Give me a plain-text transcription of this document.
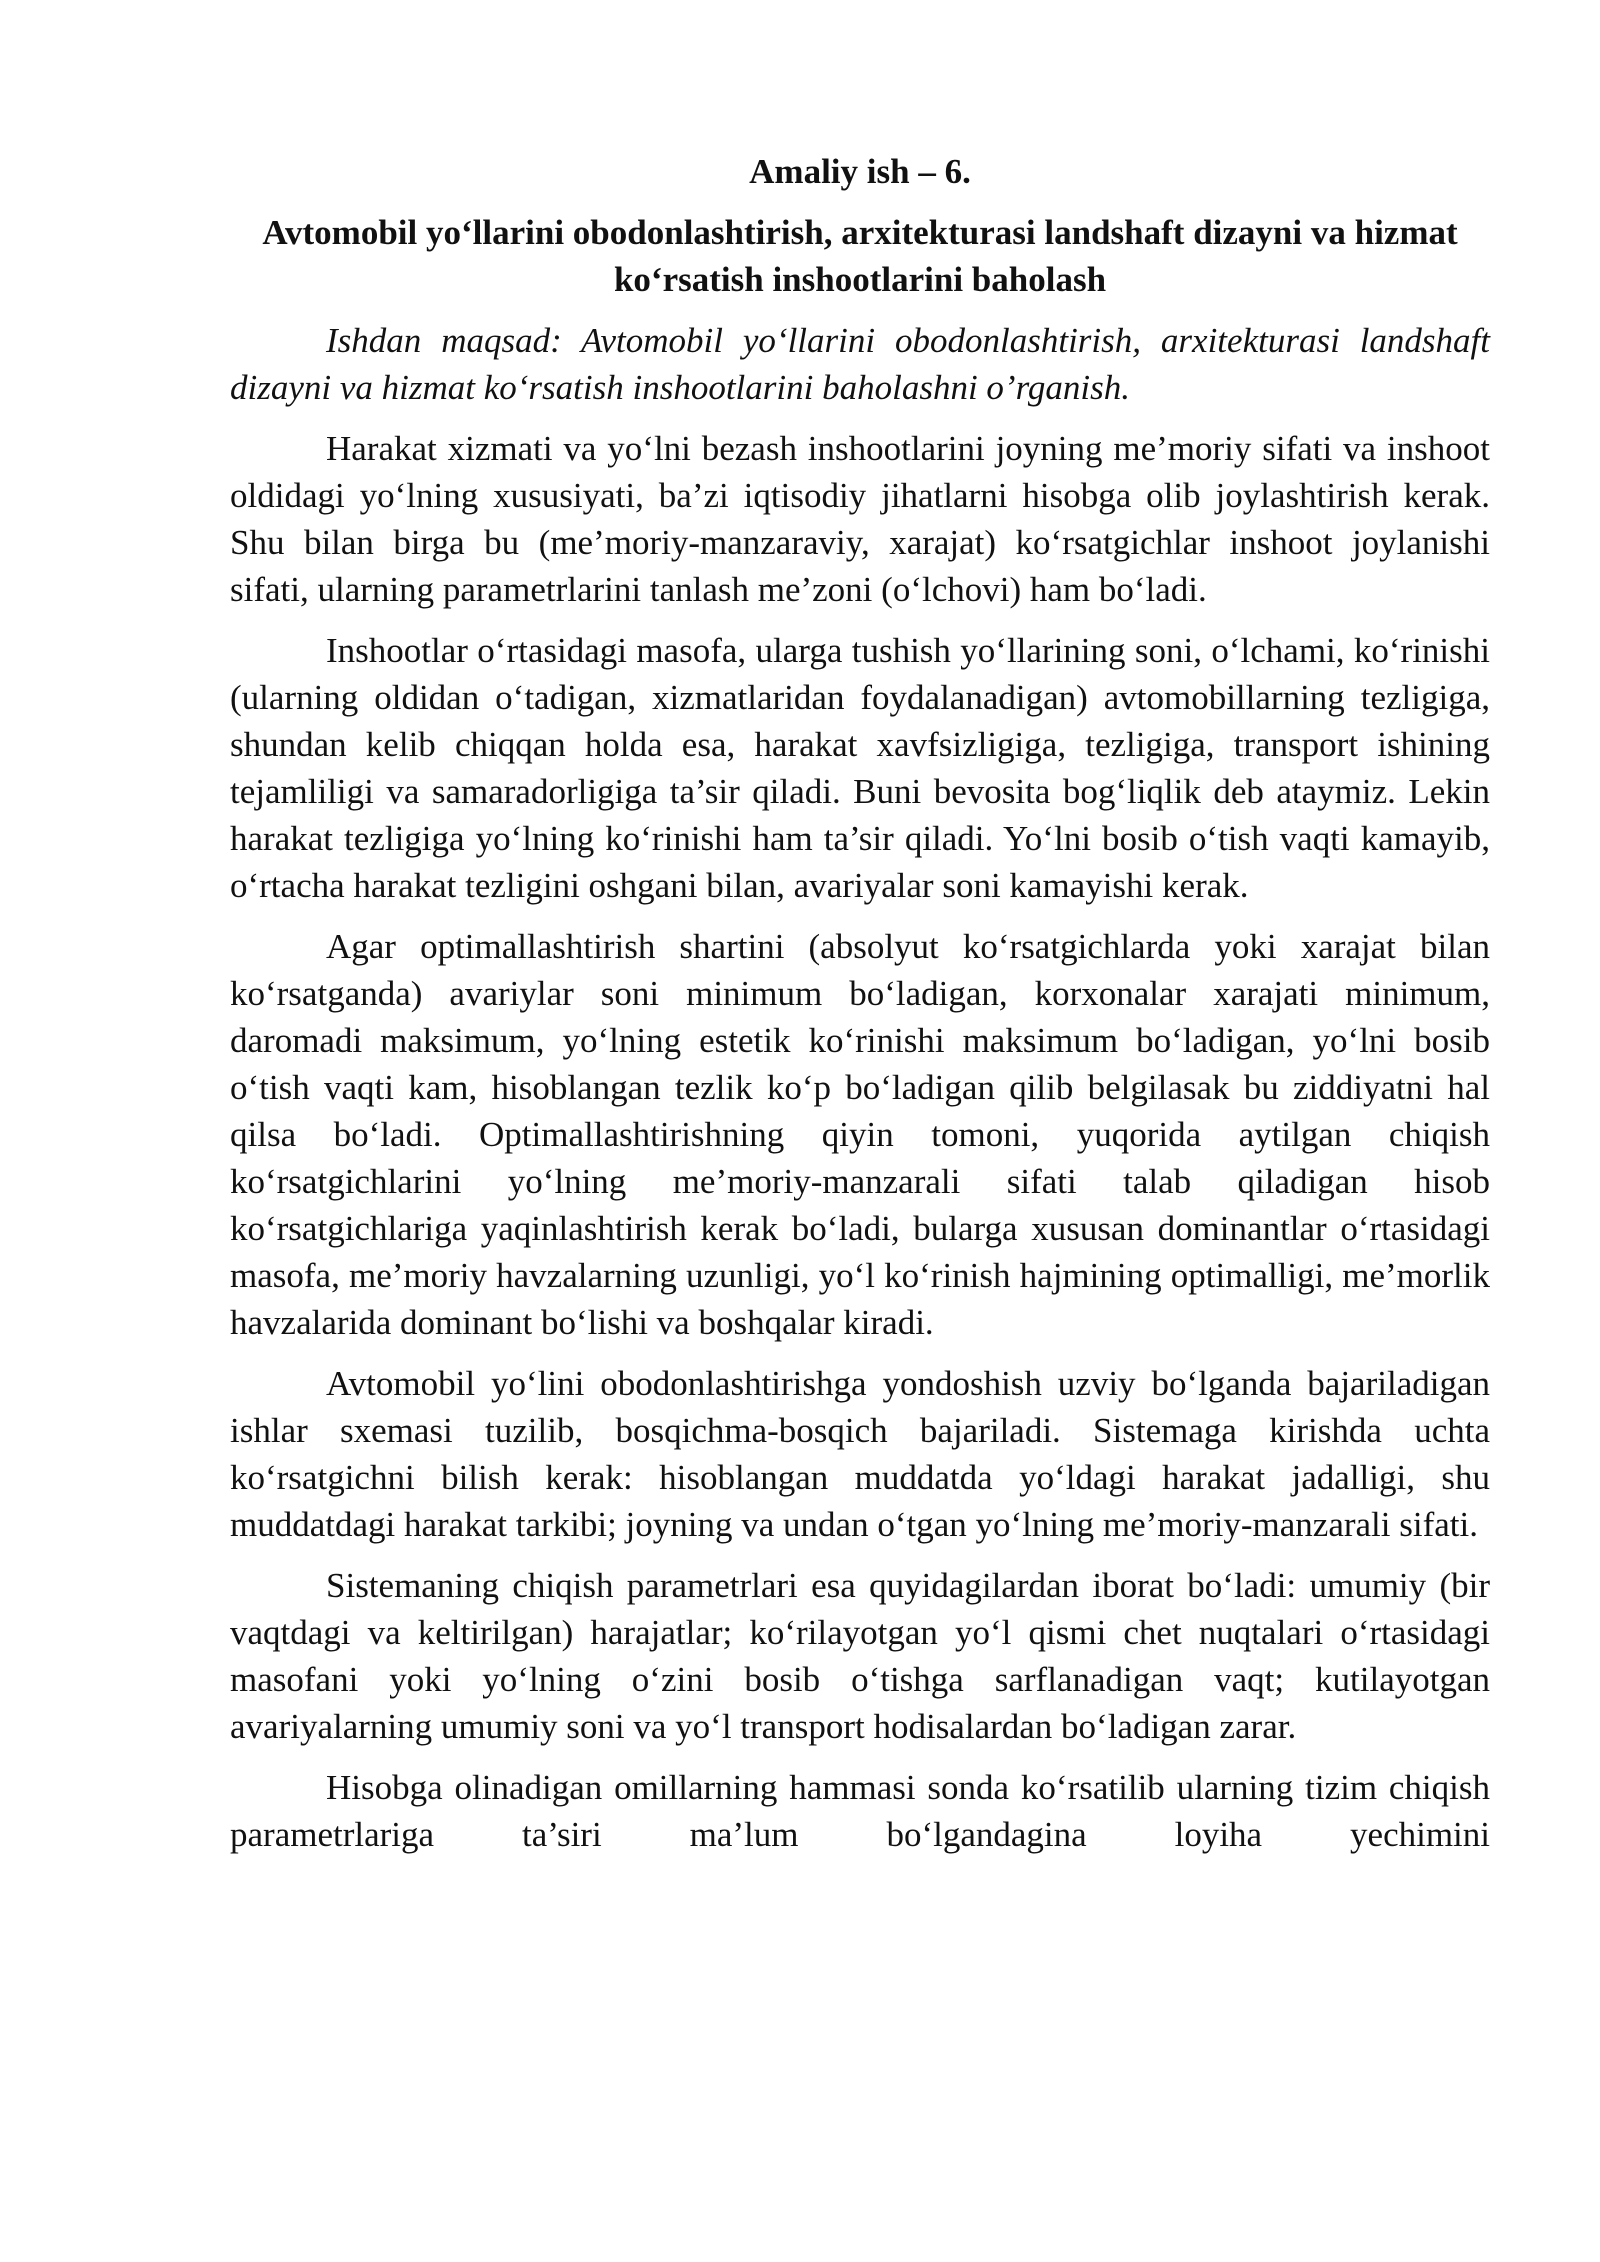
Amaliy ish – 6.
Avtomobil yo‘llarini obodonlashtirish, arxitekturasi landshaft dizayni va hizmat ko‘rsatish inshootlarini baholash

Ishdan maqsad: Avtomobil yo‘llarini obodonlashtirish, arxitekturasi landshaft dizayni va hizmat ko‘rsatish inshootlarini baholashni o’rganish.

Harakat xizmati va yo‘lni bezash inshootlarini joyning me’moriy sifati va inshoot oldidagi yo‘lning xususiyati, ba’zi iqtisodiy jihatlarni hisobga olib joylashtirish kerak. Shu bilan birga bu (me’moriy-manzaraviy, xarajat) ko‘rsatgichlar inshoot joylanishi sifati, ularning parametrlarini tanlash me’zoni (o‘lchovi) ham bo‘ladi.

Inshootlar o‘rtasidagi masofa, ularga tushish yo‘llarining soni, o‘lchami, ko‘rinishi (ularning oldidan o‘tadigan, xizmatlaridan foydalanadigan) avtomobillarning tezligiga, shundan kelib chiqqan holda esa, harakat xavfsizligiga, tezligiga, transport ishining tejamliligi va samaradorligiga ta’sir qiladi. Buni bevosita bog‘liqlik deb ataymiz. Lekin harakat tezligiga yo‘lning ko‘rinishi ham ta’sir qiladi. Yo‘lni bosib o‘tish vaqti kamayib, o‘rtacha harakat tezligini oshgani bilan, avariyalar soni kamayishi kerak.

Agar optimallashtirish shartini (absolyut ko‘rsatgichlarda yoki xarajat bilan ko‘rsatganda) avariylar soni minimum bo‘ladigan, korxonalar xarajati minimum, daromadi maksimum, yo‘lning estetik ko‘rinishi maksimum bo‘ladigan, yo‘lni bosib o‘tish vaqti kam, hisoblangan tezlik ko‘p bo‘ladigan qilib belgilasak bu ziddiyatni hal qilsa bo‘ladi. Optimallashtirishning qiyin tomoni, yuqorida aytilgan chiqish ko‘rsatgichlarini yo‘lning me’moriy-manzarali sifati talab qiladigan hisob ko‘rsatgichlariga yaqinlashtirish kerak bo‘ladi, bularga xususan dominantlar o‘rtasidagi masofa, me’moriy havzalarning uzunligi, yo‘l ko‘rinish hajmining optimalligi, me’morlik havzalarida dominant bo‘lishi va boshqalar kiradi.

Avtomobil yo‘lini obodonlashtirishga yondoshish uzviy bo‘lganda bajariladigan ishlar sxemasi tuzilib, bosqichma-bosqich bajariladi. Sistemaga kirishda uchta ko‘rsatgichni bilish kerak: hisoblangan muddatda yo‘ldagi harakat jadalligi, shu muddatdagi harakat tarkibi; joyning va undan o‘tgan yo‘lning me’moriy-manzarali sifati.

Sistemaning chiqish parametrlari esa quyidagilardan iborat bo‘ladi: umumiy (bir vaqtdagi va keltirilgan) harajatlar; ko‘rilayotgan yo‘l qismi chet nuqtalari o‘rtasidagi masofani yoki yo‘lning o‘zini bosib o‘tishga sarflanadigan vaqt; kutilayotgan avariyalarning umumiy soni va yo‘l transport hodisalardan bo‘ladigan zarar.

Hisobga olinadigan omillarning hammasi sonda ko‘rsatilib ularning tizim chiqish parametrlariga ta’siri ma’lum bo‘lgandagina loyiha yechimini
